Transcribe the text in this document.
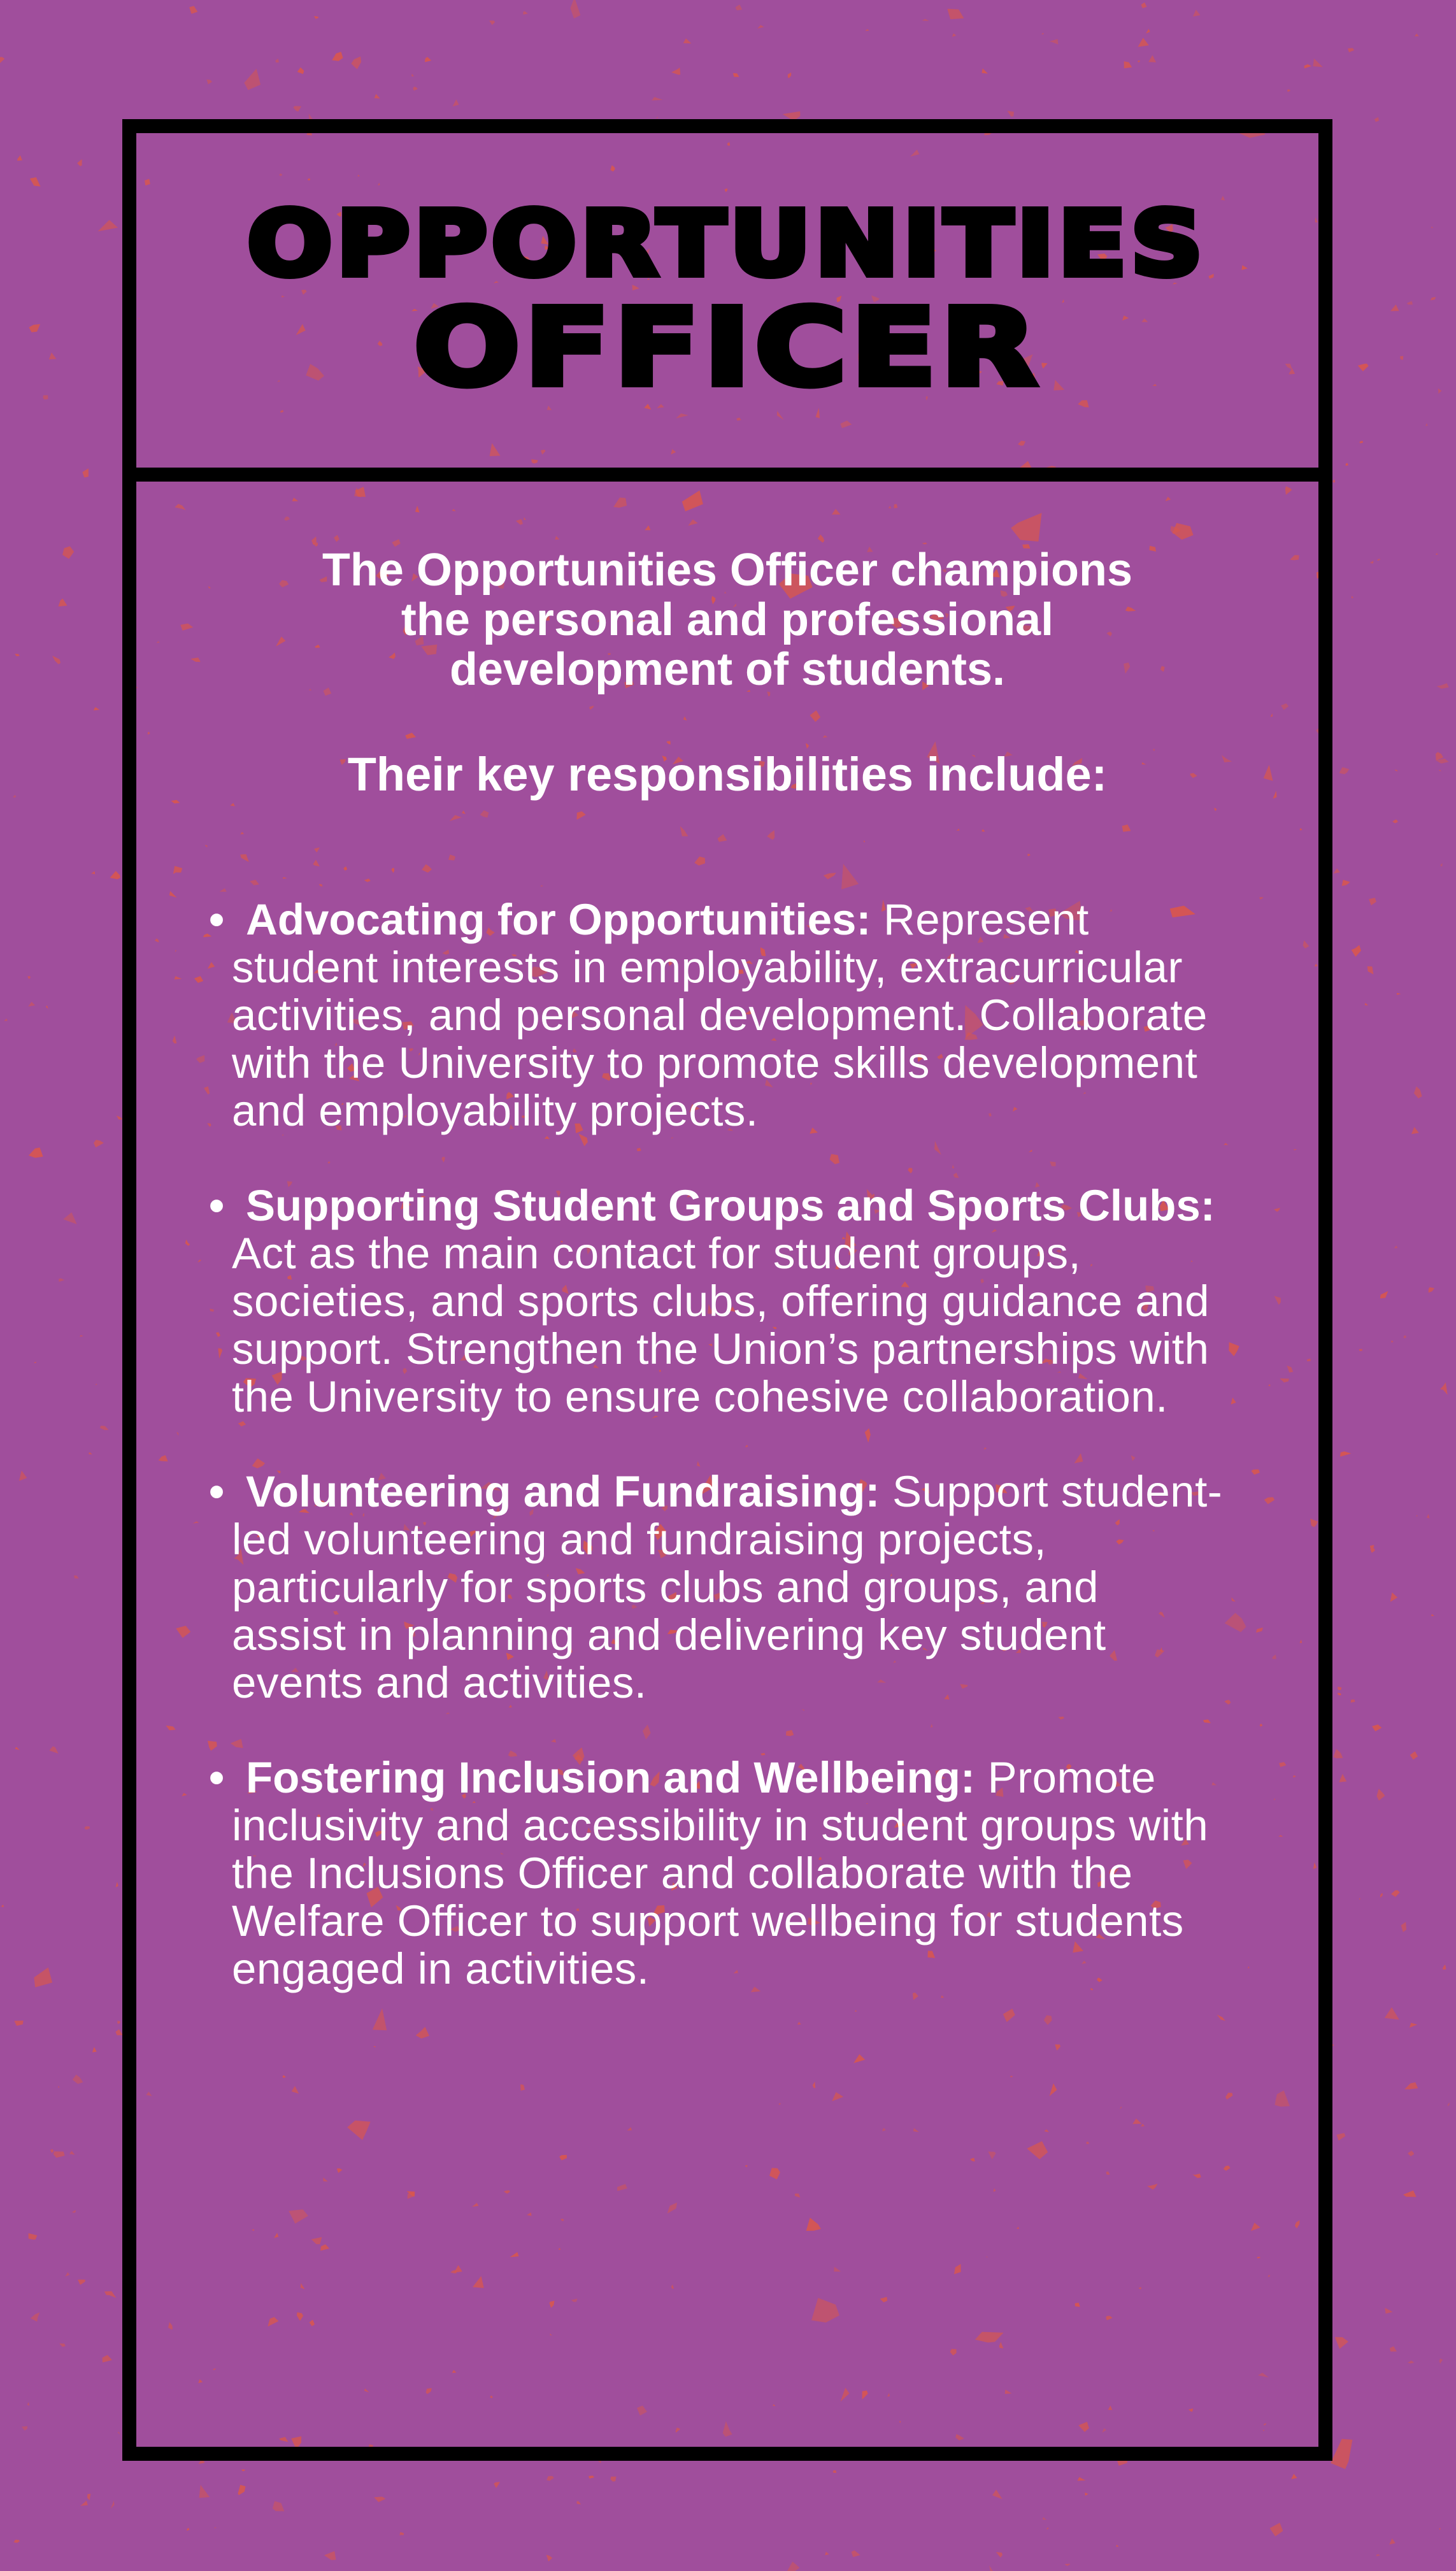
OPPORTUNITIES
OFFICER
The Opportunities Officer champions
the personal and professional
development of students.
Their key responsibilities include:
• Advocating for Opportunities: Represent student interests in employability, extracurricular activities, and personal development. Collaborate with the University to promote skills development and employability projects.
• Supporting Student Groups and Sports Clubs: Act as the main contact for student groups, societies, and sports clubs, offering guidance and support. Strengthen the Union’s partnerships with the University to ensure cohesive collaboration.
• Volunteering and Fundraising: Support student-led volunteering and fundraising projects, particularly for sports clubs and groups, and assist in planning and delivering key student events and activities.
• Fostering Inclusion and Wellbeing: Promote inclusivity and accessibility in student groups with the Inclusions Officer and collaborate with the Welfare Officer to support wellbeing for students engaged in activities.
